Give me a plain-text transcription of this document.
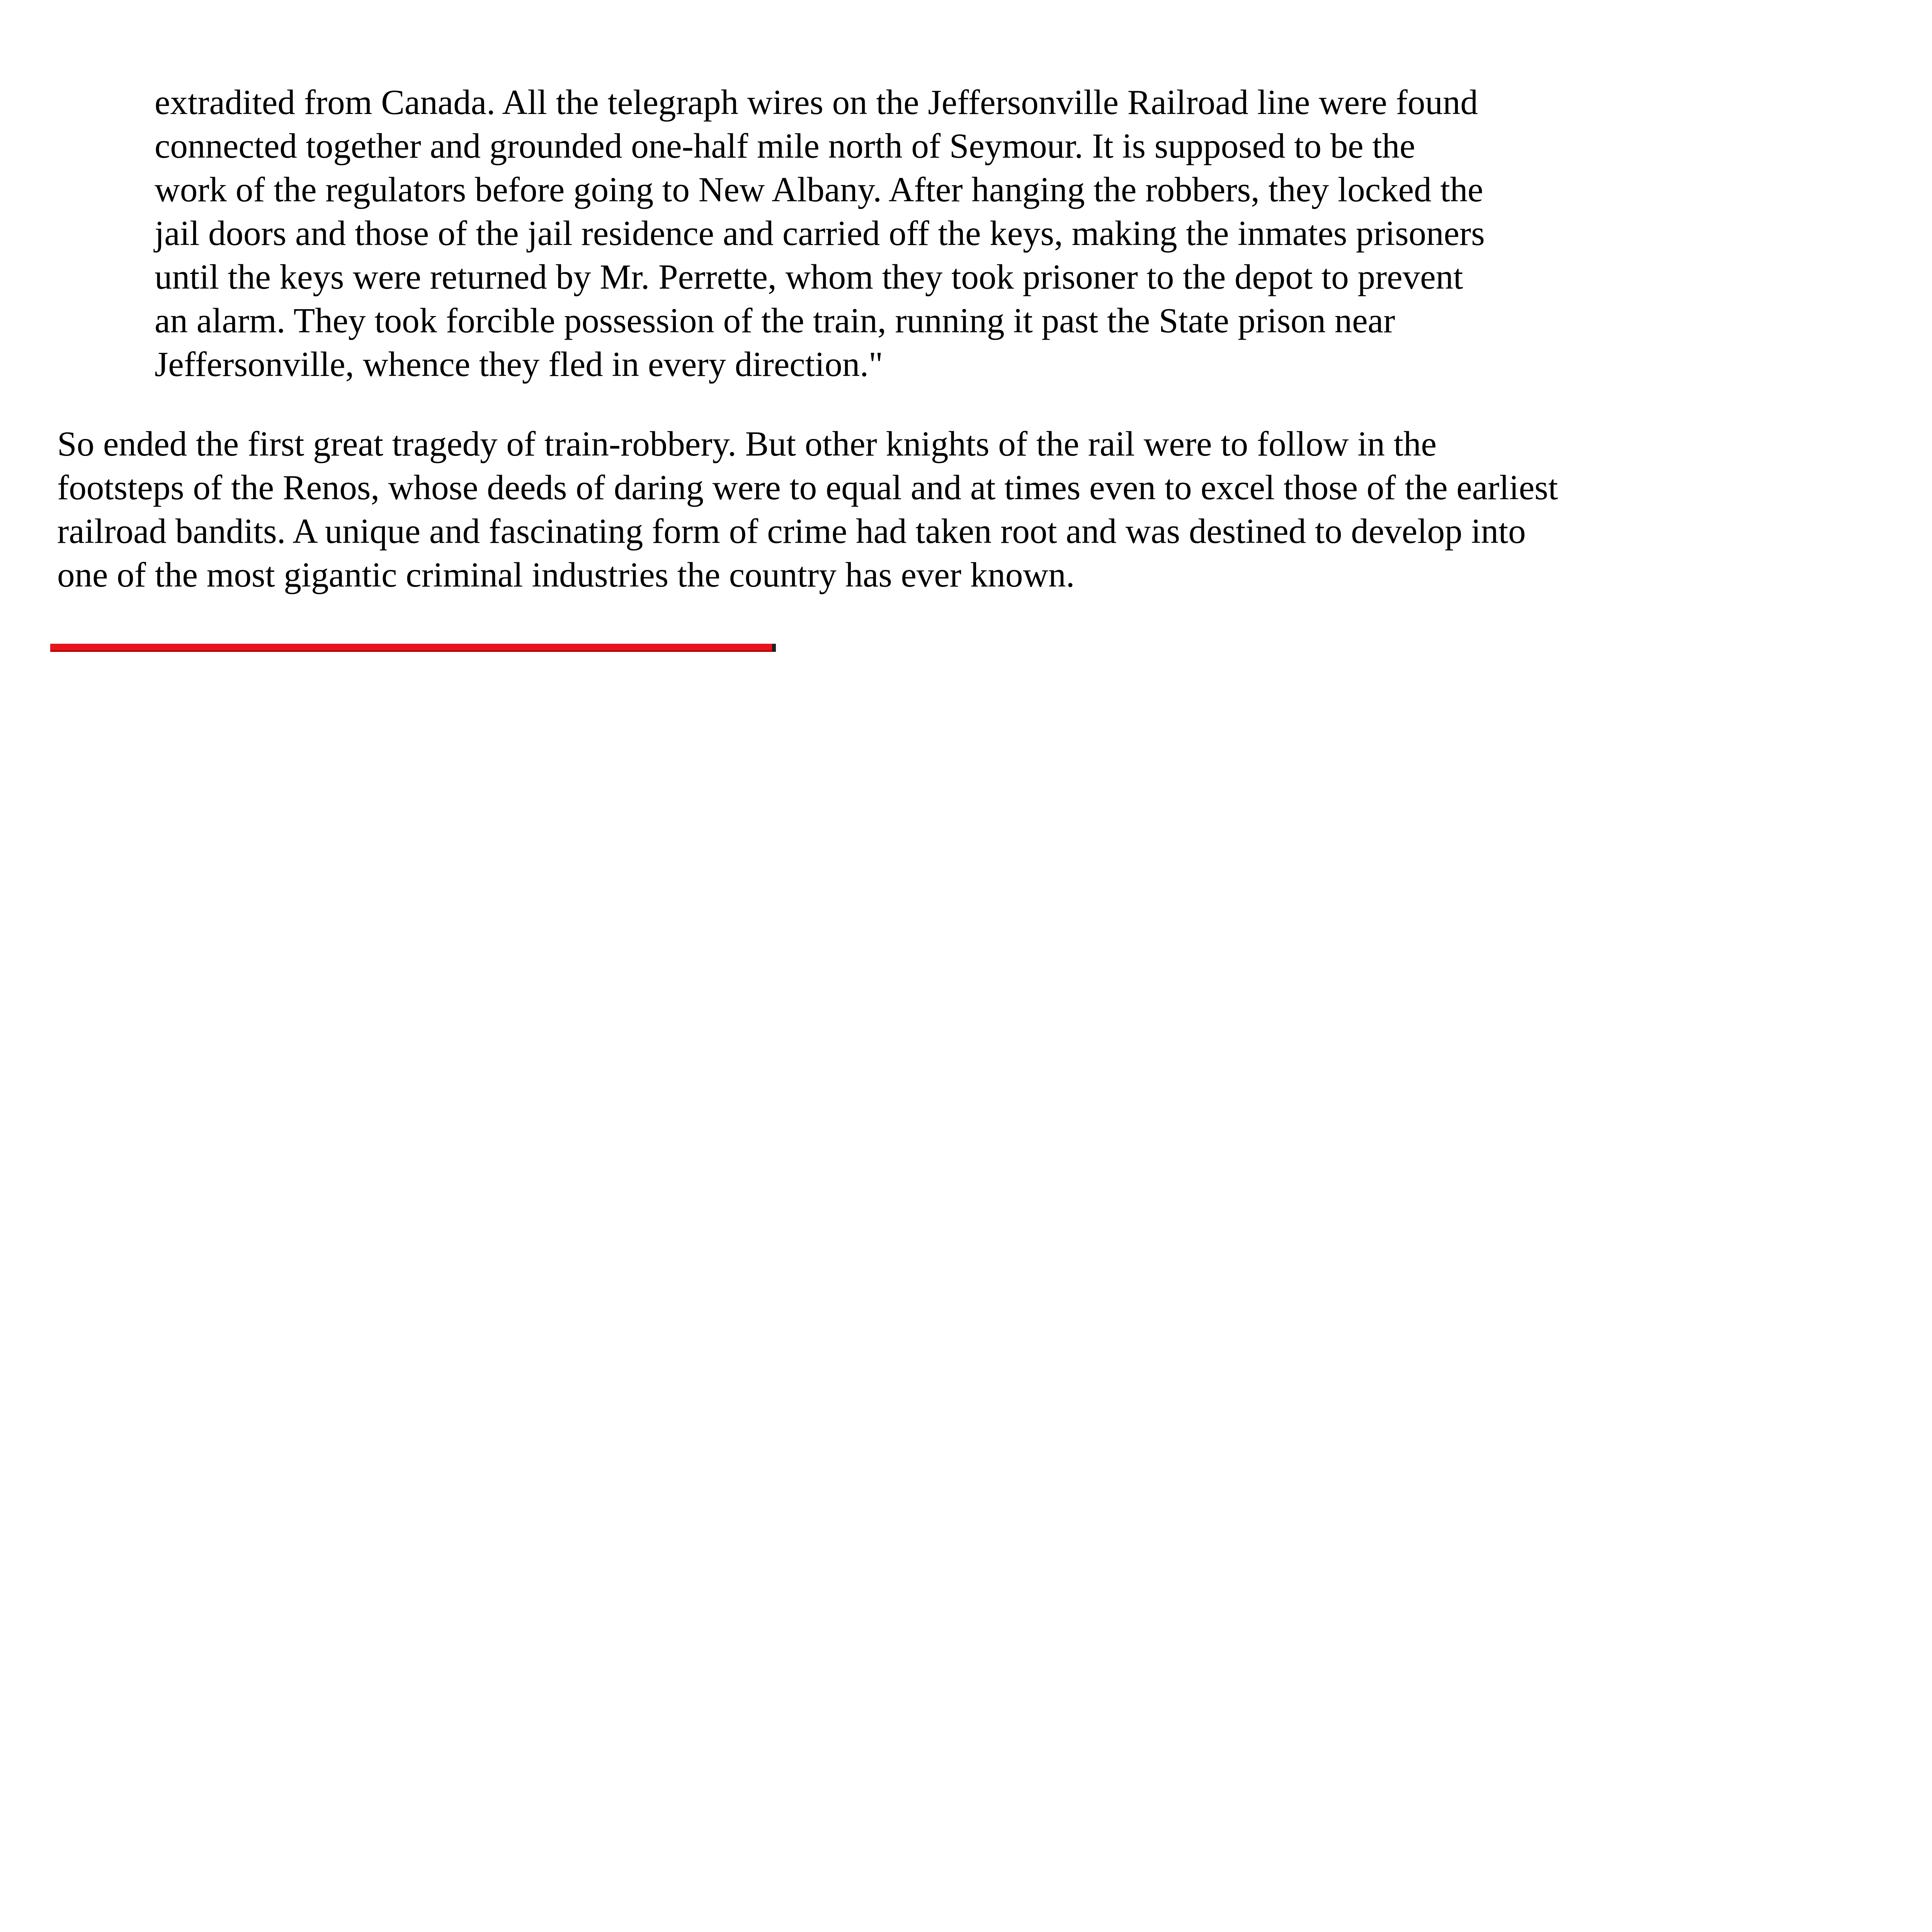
extradited from Canada. All the telegraph wires on the Jeffersonville Railroad line were found
connected together and grounded one-half mile north of Seymour. It is supposed to be the
work of the regulators before going to New Albany. After hanging the robbers, they locked the
jail doors and those of the jail residence and carried off the keys, making the inmates prisoners
until the keys were returned by Mr. Perrette, whom they took prisoner to the depot to prevent
an alarm. They took forcible possession of the train, running it past the State prison near
Jeffersonville, whence they fled in every direction."
So ended the first great tragedy of train-robbery. But other knights of the rail were to follow in the
footsteps of the Renos, whose deeds of daring were to equal and at times even to excel those of the earliest
railroad bandits. A unique and fascinating form of crime had taken root and was destined to develop into
one of the most gigantic criminal industries the country has ever known.
